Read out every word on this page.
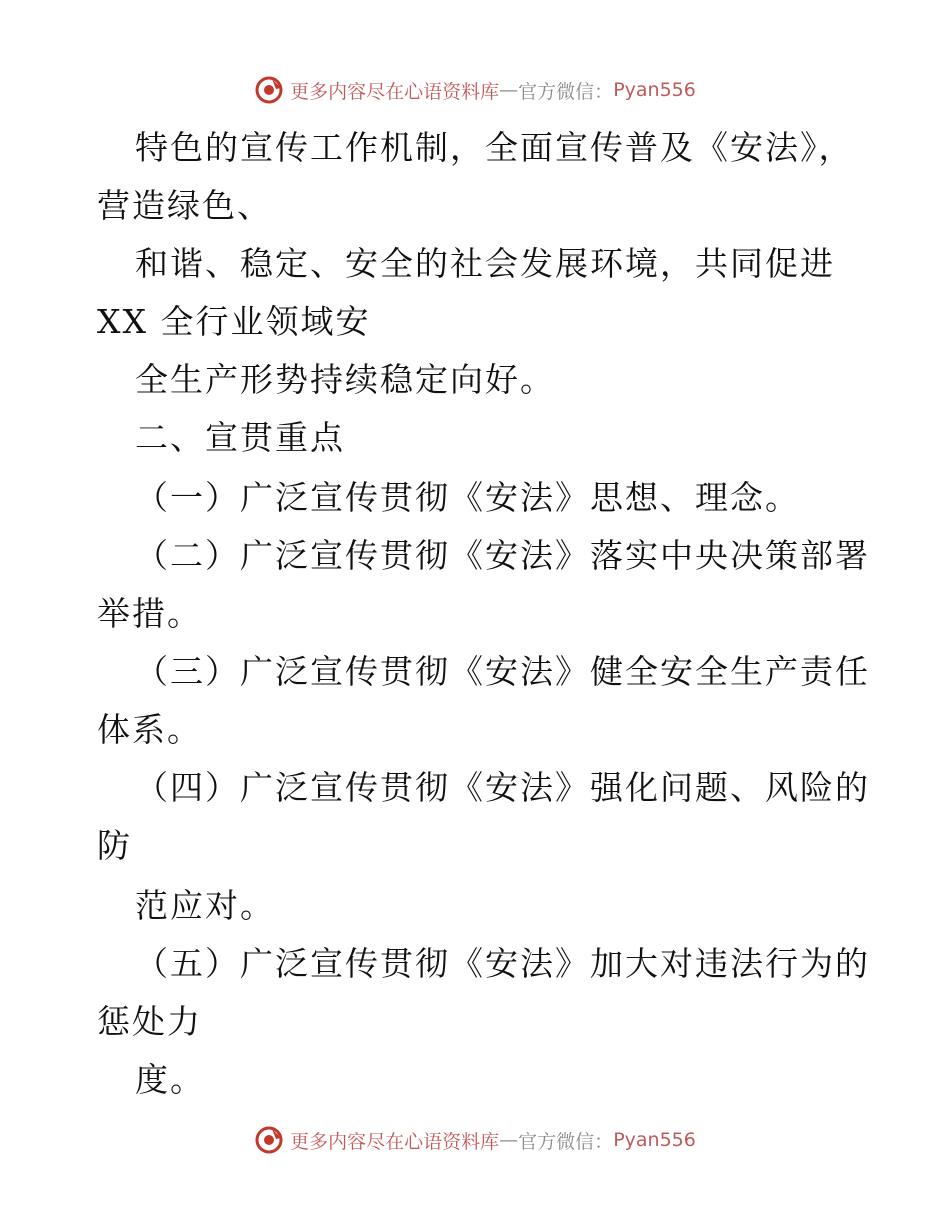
更多内容尽在心语资料库 — 官方微信： Pyan556
特色的宣传工作机制，全面宣传普及《安法》，
营造绿色、
和谐、稳定、安全的社会发展环境，共同促进
XX 全行业领域安
全生产形势持续稳定向好。
二、宣贯重点
（一）广泛宣传贯彻《安法》思想、理念。
（二）广泛宣传贯彻《安法》落实中央决策部署
举措。
（三）广泛宣传贯彻《安法》健全安全生产责任
体系。
（四）广泛宣传贯彻《安法》强化问题、风险的
防
范应对。
（五）广泛宣传贯彻《安法》加大对违法行为的
惩处力
度。
更多内容尽在心语资料库 — 官方微信： Pyan556
